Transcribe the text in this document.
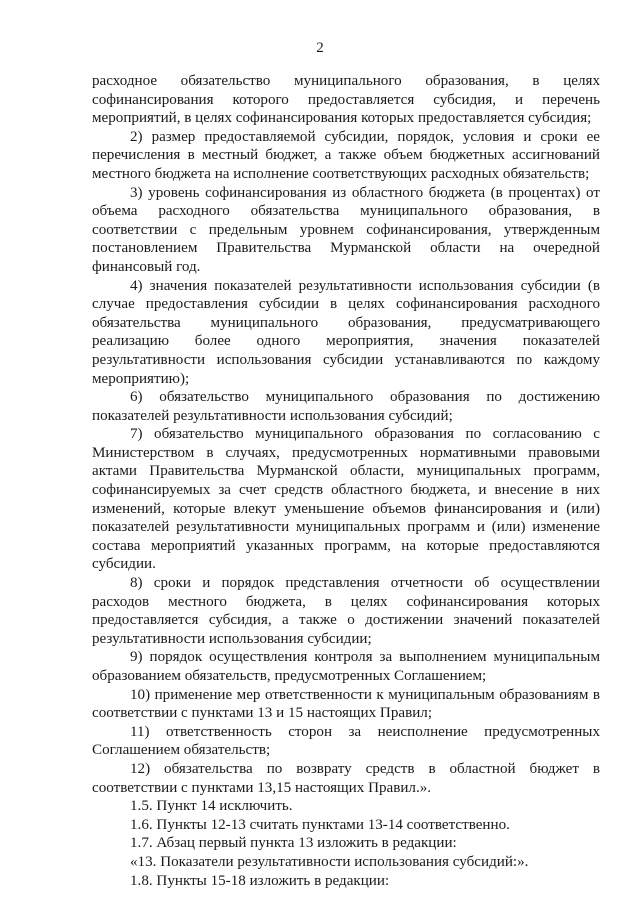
2
расходное обязательство муниципального образования, в целях
софинансирования которого предоставляется субсидия, и перечень
мероприятий, в целях софинансирования которых предоставляется субсидия;
2) размер предоставляемой субсидии, порядок, условия и сроки ее
перечисления в местный бюджет, а также объем бюджетных ассигнований
местного бюджета на исполнение соответствующих расходных обязательств;
3) уровень софинансирования из областного бюджета (в процентах) от
объема расходного обязательства муниципального образования, в
соответствии с предельным уровнем софинансирования, утвержденным
постановлением Правительства Мурманской области на очередной
финансовый год.
4) значения показателей результативности использования субсидии (в
случае предоставления субсидии в целях софинансирования расходного
обязательства муниципального образования, предусматривающего
реализацию более одного мероприятия, значения показателей
результативности использования субсидии устанавливаются по каждому
мероприятию);
6) обязательство муниципального образования по достижению
показателей результативности использования субсидий;
7) обязательство муниципального образования по согласованию с
Министерством в случаях, предусмотренных нормативными правовыми
актами Правительства Мурманской области, муниципальных программ,
софинансируемых за счет средств областного бюджета, и внесение в них
изменений, которые влекут уменьшение объемов финансирования и (или)
показателей результативности муниципальных программ и (или) изменение
состава мероприятий указанных программ, на которые предоставляются
субсидии.
8) сроки и порядок представления отчетности об осуществлении
расходов местного бюджета, в целях софинансирования которых
предоставляется субсидия, а также о достижении значений показателей
результативности использования субсидии;
9) порядок осуществления контроля за выполнением муниципальным
образованием обязательств, предусмотренных Соглашением;
10) применение мер ответственности к муниципальным образованиям в
соответствии с пунктами 13 и 15 настоящих Правил;
11) ответственность сторон за неисполнение предусмотренных
Соглашением обязательств;
12) обязательства по возврату средств в областной бюджет в
соответствии с пунктами 13,15 настоящих Правил.».
1.5. Пункт 14 исключить.
1.6. Пункты 12-13 считать пунктами 13-14 соответственно.
1.7. Абзац первый пункта 13 изложить в редакции:
«13. Показатели результативности использования субсидий:».
1.8. Пункты 15-18 изложить в редакции:
